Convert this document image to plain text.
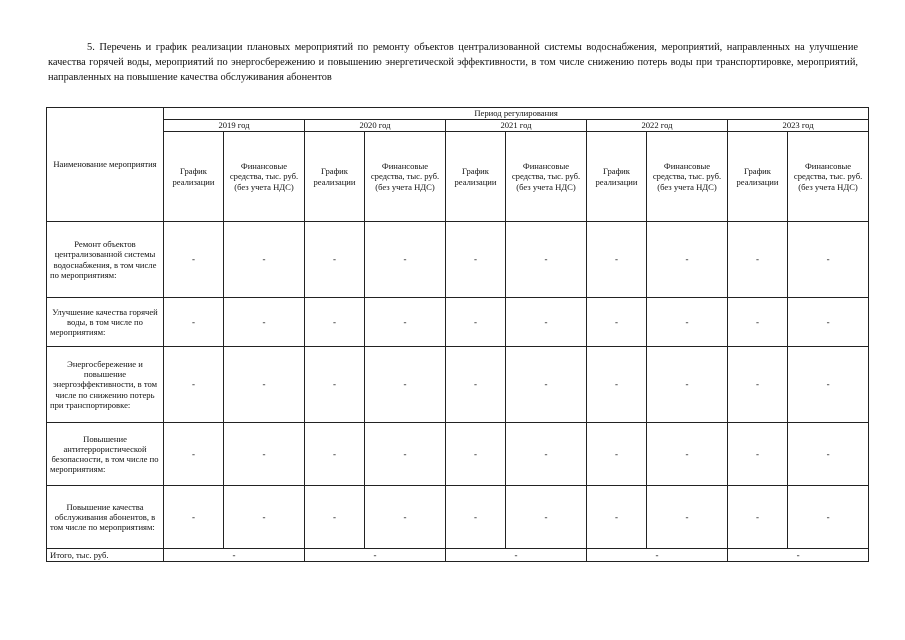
5. Перечень и график реализации плановых мероприятий по ремонту объектов централизованной системы водоснабжения, мероприятий, направленных на улучшение качества горячей воды, мероприятий по энергосбережению и повышению энергетической эффективности, в том числе снижению потерь воды при транспортировке, мероприятий, направленных на повышение качества обслуживания абонентов
Наименование мероприятия	Период регулирования									
	2019 год		2020 год		2021 год		2022 год		2023 год	
	График реализации	Финансовые средства, тыс. руб. (без учета НДС)	График реализации	Финансовые средства, тыс. руб. (без учета НДС)	График реализации	Финансовые средства, тыс. руб. (без учета НДС)	График реализации	Финансовые средства, тыс. руб. (без учета НДС)	График реализации	Финансовые средства, тыс. руб. (без учета НДС)
Ремонт объектов централизованной системы водоснабжения, в том числе по мероприятиям:	-	-	-	-	-	-	-	-	-	-
Улучшение качества горячей воды, в том числе по мероприятиям:	-	-	-	-	-	-	-	-	-	-
Энергосбережение и повышение энергоэффективности, в том числе по снижению потерь при транспортировке:	-	-	-	-	-	-	-	-	-	-
Повышение антитеррористической безопасности, в том числе по мероприятиям:	-	-	-	-	-	-	-	-	-	-
Повышение качества обслуживания абонентов, в том числе по мероприятиям:	-	-	-	-	-	-	-	-	-	-
Итого, тыс. руб.	-		-		-		-		-	
